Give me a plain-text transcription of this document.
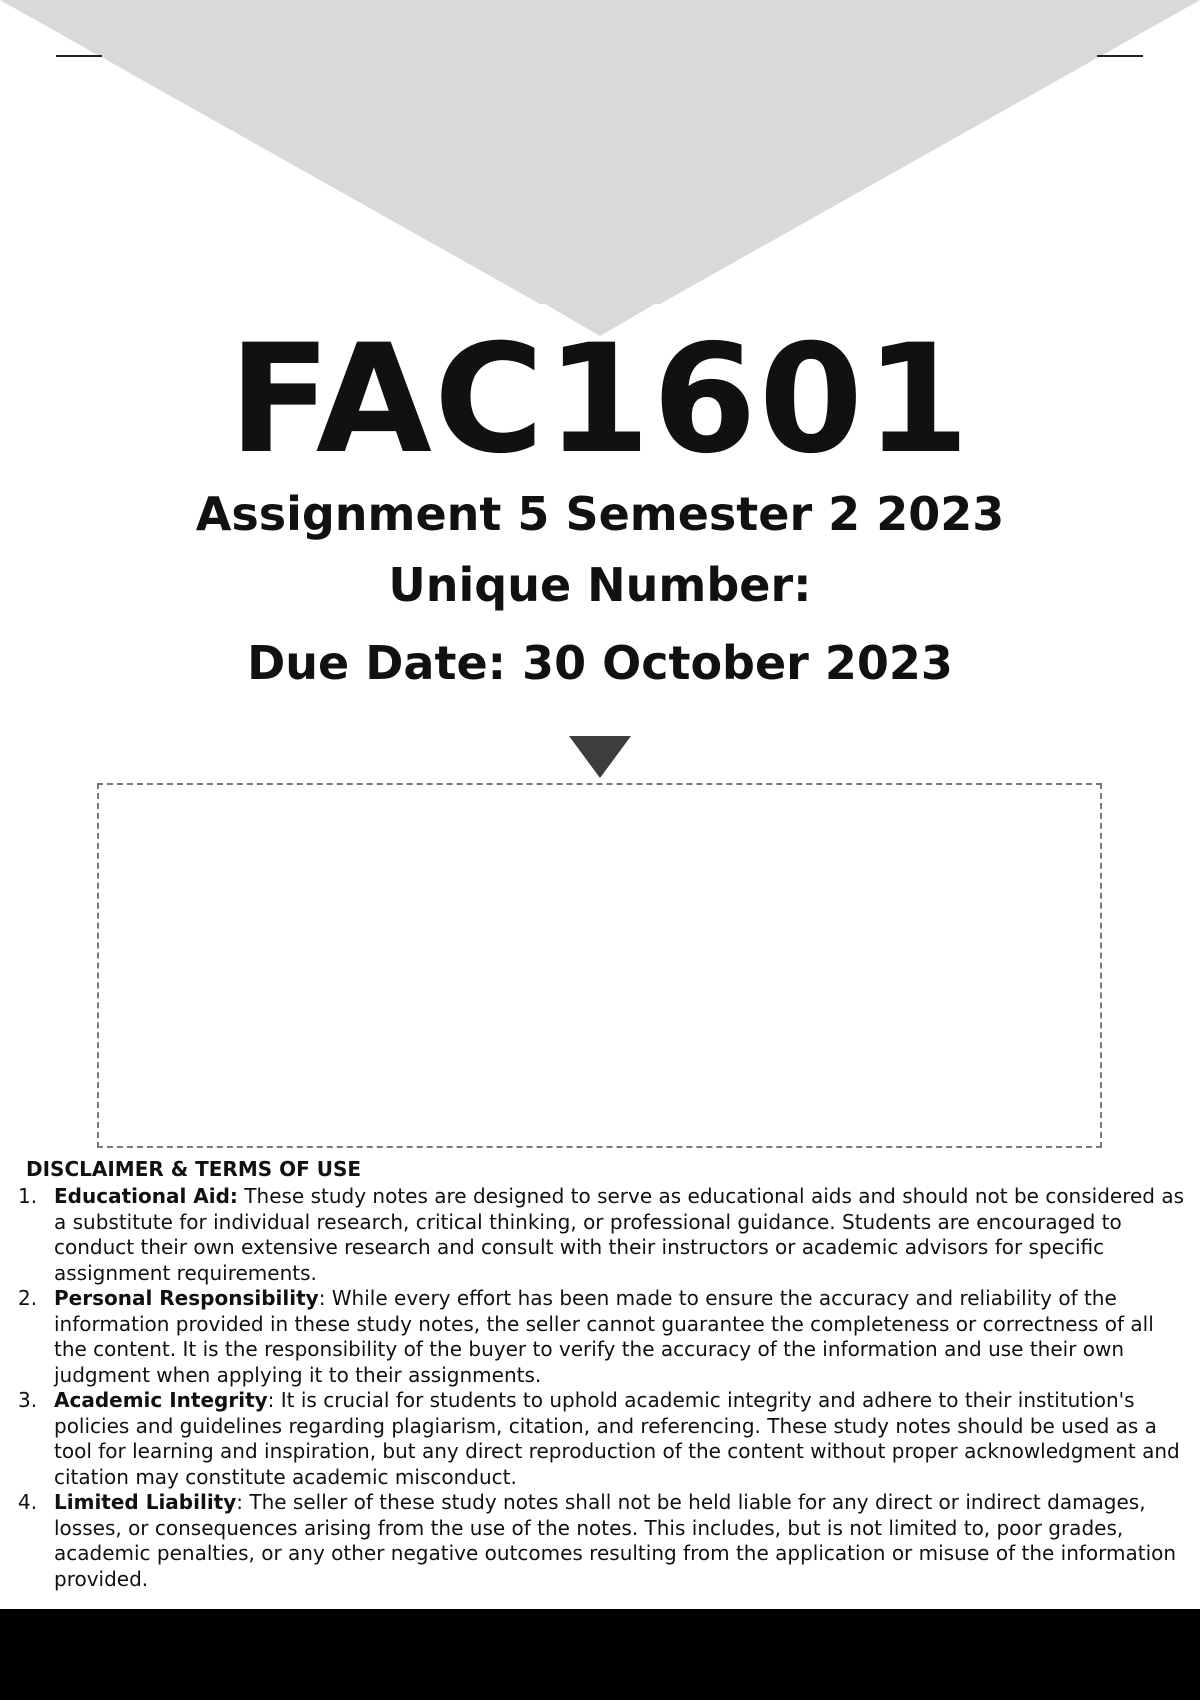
FAC1601
Assignment 5 Semester 2 2023
Unique Number:
Due Date: 30 October 2023
DISCLAIMER & TERMS OF USE
1. Educational Aid: These study notes are designed to serve as educational aids and should not be considered as a substitute for individual research, critical thinking, or professional guidance. Students are encouraged to conduct their own extensive research and consult with their instructors or academic advisors for specific assignment requirements.
2. Personal Responsibility: While every effort has been made to ensure the accuracy and reliability of the information provided in these study notes, the seller cannot guarantee the completeness or correctness of all the content. It is the responsibility of the buyer to verify the accuracy of the information and use their own judgment when applying it to their assignments.
3. Academic Integrity: It is crucial for students to uphold academic integrity and adhere to their institution's policies and guidelines regarding plagiarism, citation, and referencing. These study notes should be used as a tool for learning and inspiration, but any direct reproduction of the content without proper acknowledgment and citation may constitute academic misconduct.
4. Limited Liability: The seller of these study notes shall not be held liable for any direct or indirect damages, losses, or consequences arising from the use of the notes. This includes, but is not limited to, poor grades, academic penalties, or any other negative outcomes resulting from the application or misuse of the information provided.
